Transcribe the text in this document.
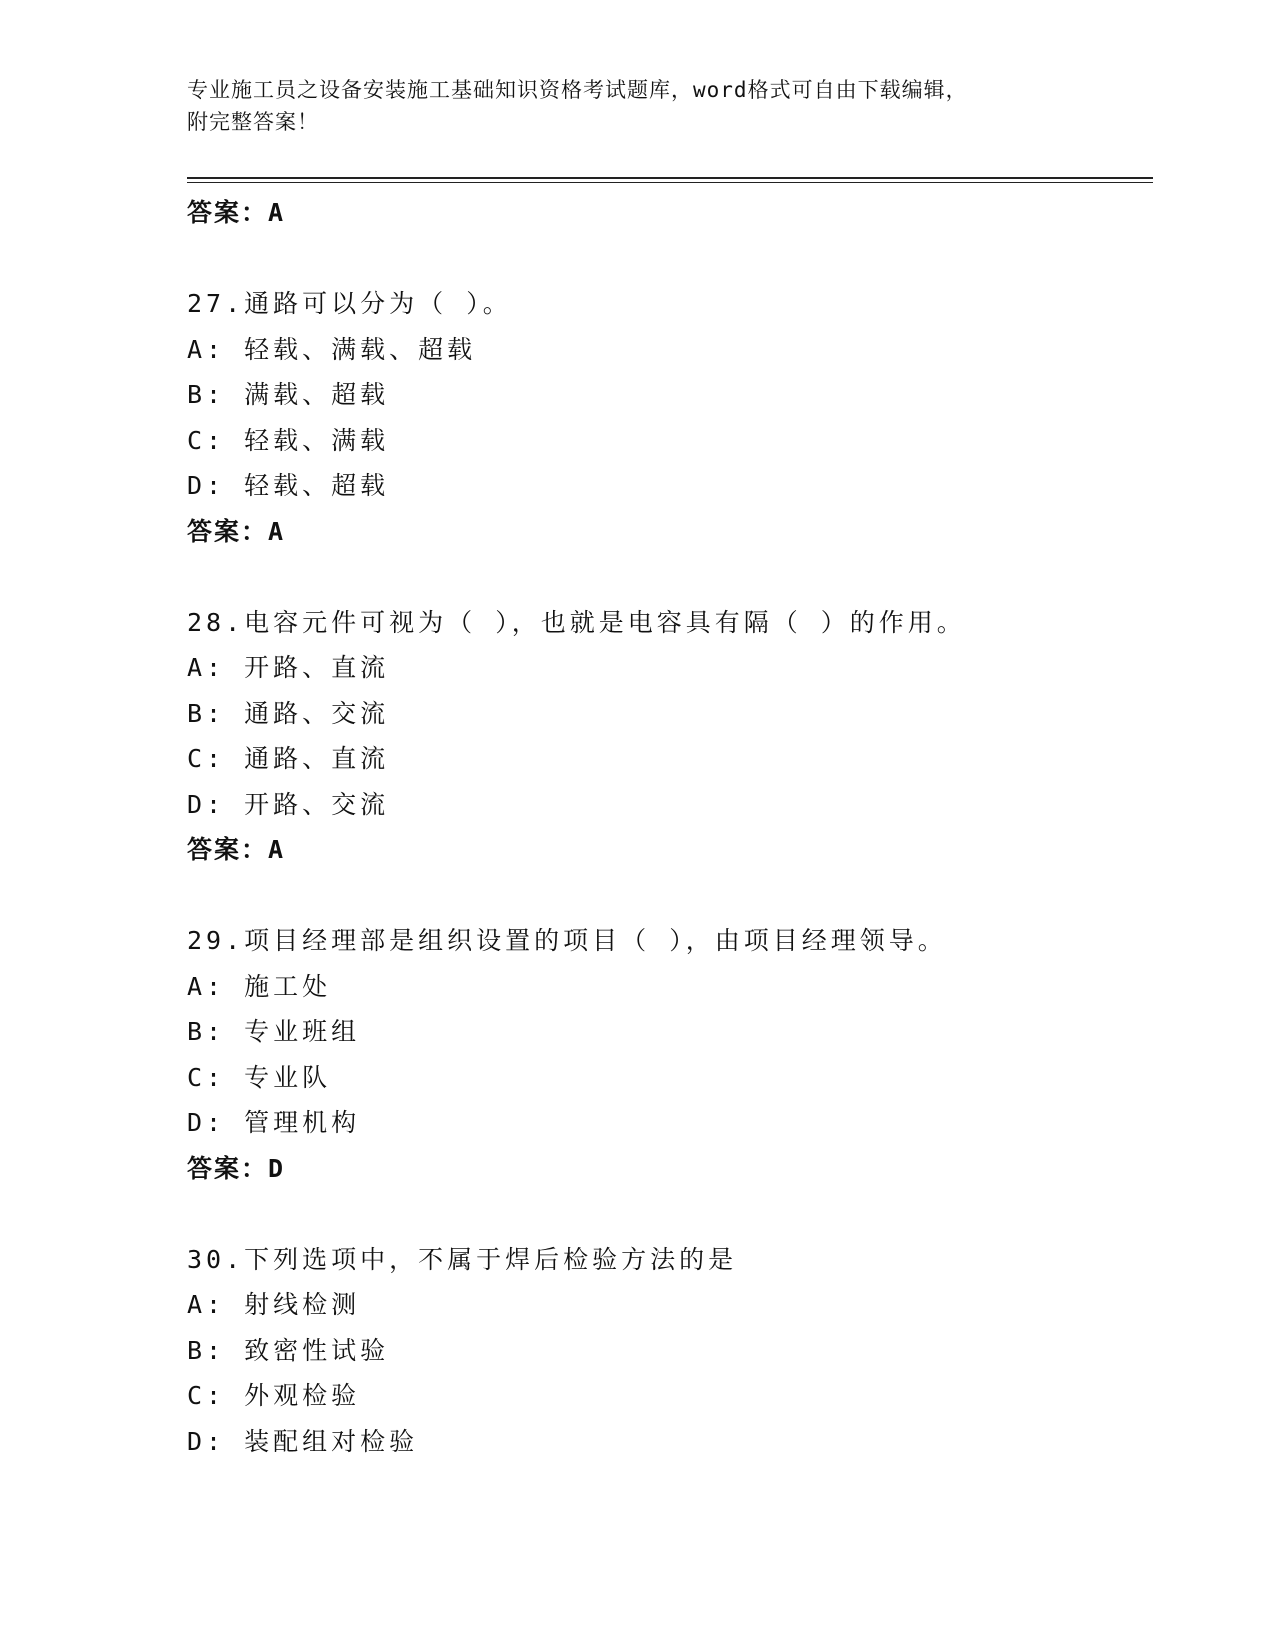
专业施工员之设备安装施工基础知识资格考试题库，word格式可自由下载编辑，
附完整答案！
答案：A
27.通路可以分为（ ）。
A: 轻载、满载、超载
B: 满载、超载
C: 轻载、满载
D: 轻载、超载
答案：A
28.电容元件可视为（ ），也就是电容具有隔（ ）的作用。
A: 开路、直流
B: 通路、交流
C: 通路、直流
D: 开路、交流
答案：A
29.项目经理部是组织设置的项目（ ），由项目经理领导。
A: 施工处
B: 专业班组
C: 专业队
D: 管理机构
答案：D
30.下列选项中，不属于焊后检验方法的是
A: 射线检测
B: 致密性试验
C: 外观检验
D: 装配组对检验
